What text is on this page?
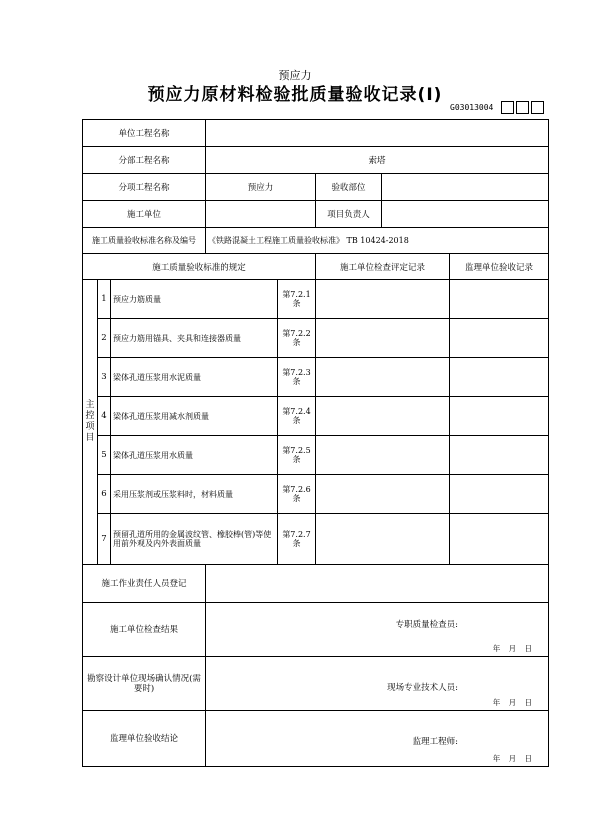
预应力
预应力原材料检验批质量验收记录(Ⅰ)
G03013004
单位工程名称							
分部工程名称			索塔				
分项工程名称			预应力		验收部位		
施工单位					项目负责人		
施工质量验收标准名称及编号			《铁路混凝土工程施工质量验收标准》 TB 10424-2018				
施工质量验收标准的规定					施工单位检查评定记录		监理单位验收记录
主控项目	1	预应力筋质量		第7.2.1条			
	2	预应力筋用锚具、夹具和连接器质量		第7.2.2条			
	3	梁体孔道压浆用水泥质量		第7.2.3条			
	4	梁体孔道压浆用减水剂质量		第7.2.4条			
	5	梁体孔道压浆用水质量		第7.2.5条			
	6	采用压浆剂或压浆料时，材料质量		第7.2.6条			
	7	预留孔道所用的金属波纹管、橡胶棒(管)等使用前外观及内外表面质量		第7.2.7条			
施工作业责任人员登记							
施工单位检查结果			专职质量检查员:
年 月 日				

勘察设计单位现场确认情况(需要时)			现场专业技术人员:
年 月 日				

监理单位验收结论			监理工程师:
年 月 日				
